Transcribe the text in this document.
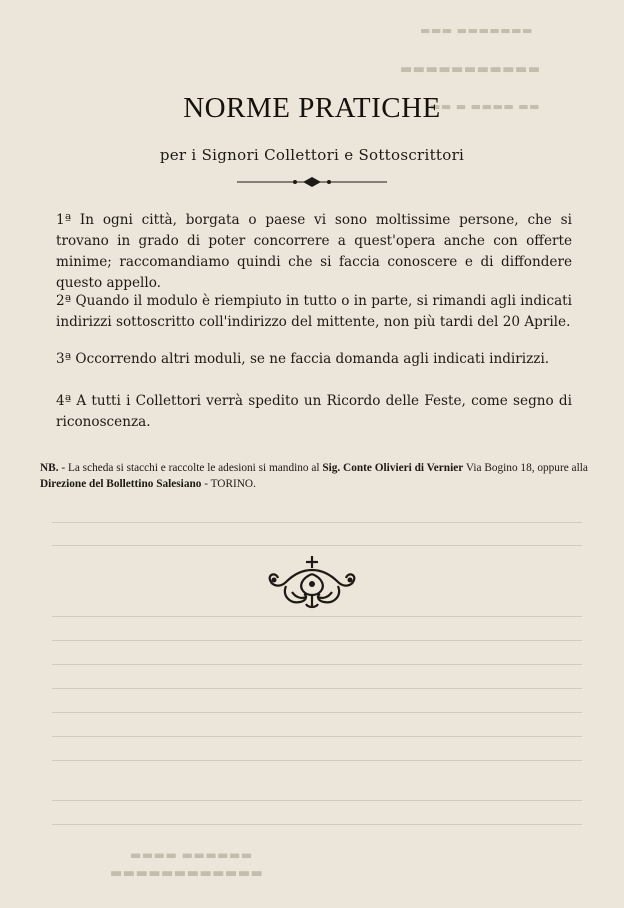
▬▬▬ ▬▬▬▬▬▬▬
▬▬▬▬▬▬▬▬▬▬▬
▬▬ ▬ ▬▬▬▬ ▬▬
▬▬▬▬ ▬▬▬▬▬▬
▬▬▬▬▬▬▬▬▬▬▬▬
NORME PRATICHE
per i Signori Collettori e Sottoscrittori
1ª In ogni città, borgata o paese vi sono moltissime persone, che si trovano in grado di poter concorrere a quest'opera anche con offerte minime; raccomandiamo quindi che si faccia conoscere e di diffondere questo appello.
2ª Quando il modulo è riempiuto in tutto o in parte, si rimandi agli indicati indirizzi sottoscritto coll'indirizzo del mittente, non più tardi del 20 Aprile.
3ª Occorrendo altri moduli, se ne faccia domanda agli indicati indirizzi.
4ª A tutti i Collettori verrà spedito un Ricordo delle Feste, come segno di riconoscenza.
NB. - La scheda si stacchi e raccolte le adesioni si mandino al Sig. Conte Olivieri di Vernier Via Bogino 18, oppure alla Direzione del Bollettino Salesiano - TORINO.
